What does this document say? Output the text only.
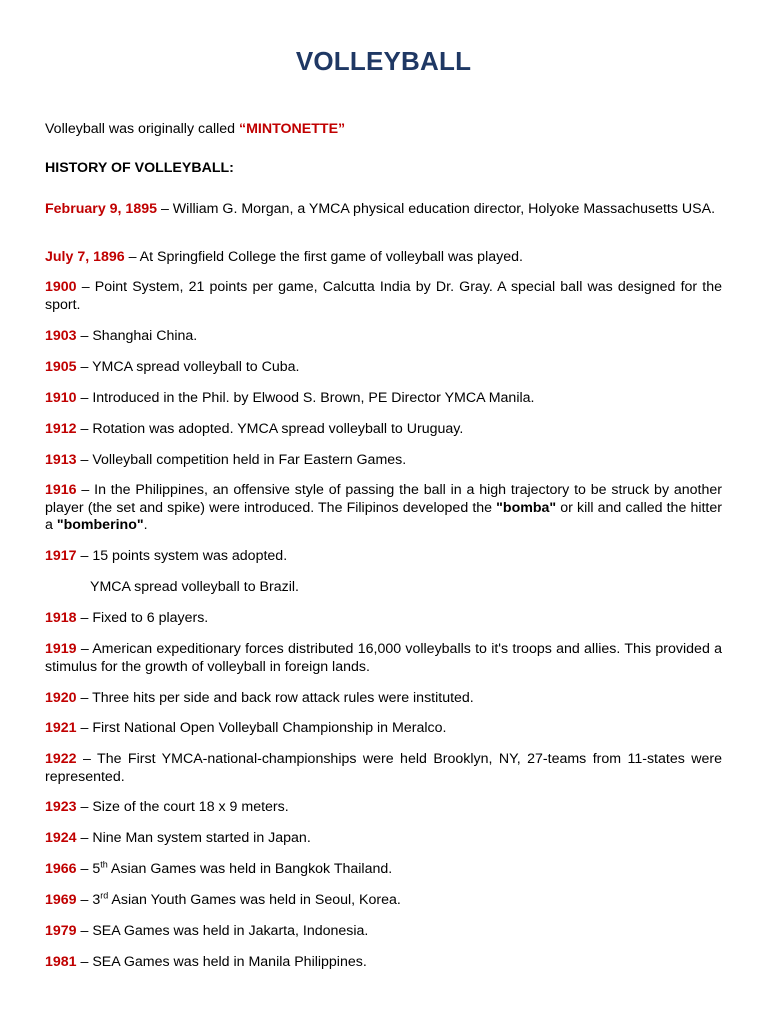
VOLLEYBALL
Volleyball was originally called “MINTONETTE”
HISTORY OF VOLLEYBALL:
February 9, 1895 – William G. Morgan, a YMCA physical education director, Holyoke Massachusetts USA.
July 7, 1896 – At Springfield College the first game of volleyball was played.
1900 – Point System, 21 points per game, Calcutta India by Dr. Gray. A special ball was designed for the sport.
1903 – Shanghai China.
1905 – YMCA spread volleyball to Cuba.
1910 – Introduced in the Phil. by Elwood S. Brown, PE Director YMCA Manila.
1912 – Rotation was adopted. YMCA spread volleyball to Uruguay.
1913 – Volleyball competition held in Far Eastern Games.
1916 – In the Philippines, an offensive style of passing the ball in a high trajectory to be struck by another player (the set and spike) were introduced. The Filipinos developed the "bomba" or kill and called the hitter a "bomberino".
1917 – 15 points system was adopted.
YMCA spread volleyball to Brazil.
1918 – Fixed to 6 players.
1919 – American expeditionary forces distributed 16,000 volleyballs to it's troops and allies. This provided a stimulus for the growth of volleyball in foreign lands.
1920 – Three hits per side and back row attack rules were instituted.
1921 – First National Open Volleyball Championship in Meralco.
1922 – The First YMCA-national-championships were held Brooklyn, NY, 27-teams from 11-states were represented.
1923 – Size of the court 18 x 9 meters.
1924 – Nine Man system started in Japan.
1966 – 5th Asian Games was held in Bangkok Thailand.
1969 – 3rd Asian Youth Games was held in Seoul, Korea.
1979 – SEA Games was held in Jakarta, Indonesia.
1981 – SEA Games was held in Manila Philippines.
